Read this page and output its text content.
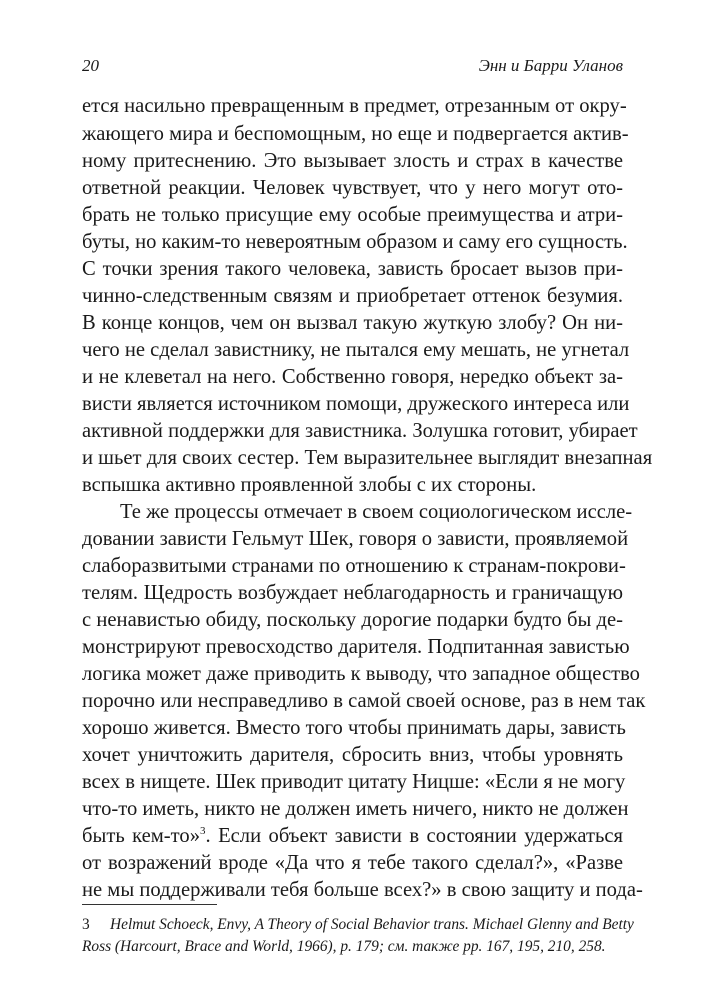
20	Энн и Барри Уланов
ется насильно превращенным в предмет, отрезанным от окру-
жающего мира и беспомощным, но еще и подвергается актив-
ному притеснению. Это вызывает злость и страх в качестве
ответной реакции. Человек чувствует, что у него могут ото-
брать не только присущие ему особые преимущества и атри-
буты, но каким-то невероятным образом и саму его сущность.
С точки зрения такого человека, зависть бросает вызов при-
чинно-следственным связям и приобретает оттенок безумия.
В конце концов, чем он вызвал такую жуткую злобу? Он ни-
чего не сделал завистнику, не пытался ему мешать, не угнетал
и не клеветал на него. Собственно говоря, нередко объект за-
висти является источником помощи, дружеского интереса или
активной поддержки для завистника. Золушка готовит, убирает
и шьет для своих сестер. Тем выразительнее выглядит внезапная
вспышка активно проявленной злобы с их стороны.
Те же процессы отмечает в своем социологическом иссле-
довании зависти Гельмут Шек, говоря о зависти, проявляемой
слаборазвитыми странами по отношению к странам-покрови-
телям. Щедрость возбуждает неблагодарность и граничащую
с ненавистью обиду, поскольку дорогие подарки будто бы де-
монстрируют превосходство дарителя. Подпитанная завистью
логика может даже приводить к выводу, что западное общество
порочно или несправедливо в самой своей основе, раз в нем так
хорошо живется. Вместо того чтобы принимать дары, зависть
хочет уничтожить дарителя, сбросить вниз, чтобы уровнять
всех в нищете. Шек приводит цитату Ницше: «Если я не могу
что-то иметь, никто не должен иметь ничего, никто не должен
быть кем-то»$^3$. Если объект зависти в состоянии удержаться
от возражений вроде «Да что я тебе такого сделал?», «Разве
не мы поддерживали тебя больше всех?» в свою защиту и пода-
3 Helmut Schoeck, Envy, A Theory of Social Behavior trans. Michael Glenny and Betty
Ross (Harcourt, Brace and World, 1966), p. 179; см. также pp. 167, 195, 210, 258.
